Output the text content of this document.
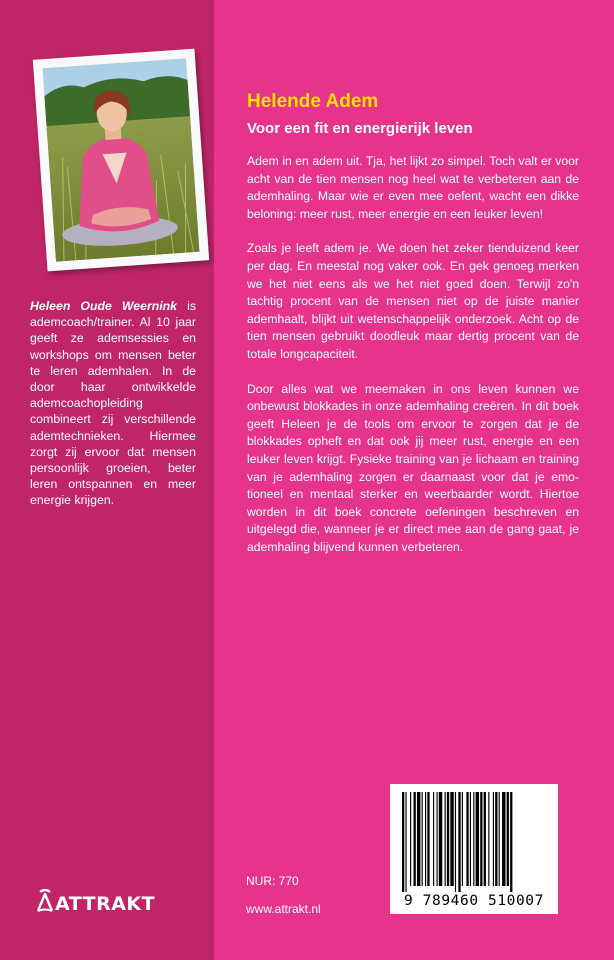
Heleen Oude Weernink is ademcoach/trainer. Al 10 jaar geeft ze ademsessies en workshops om mensen beter te leren ademhalen. In de door haar ontwikkelde ademcoachopleiding combineert zij verschillende ademtechnieken. Hiermee zorgt zij ervoor dat mensen persoonlijk groeien, beter leren ontspannen en meer energie krijgen.
ATTRAKT
Helende Adem
Voor een fit en energierijk leven

Adem in en adem uit. Tja, het lijkt zo simpel. Toch valt er voor acht van de tien mensen nog heel wat te verbeteren aan de ademhaling. Maar wie er even mee oefent, wacht een dikke beloning: meer rust, meer energie en een leuker leven!

Zoals je leeft adem je. We doen het zeker tienduizend keer per dag. En meestal nog vaker ook. En gek genoeg merken we het niet eens als we het niet goed doen. Terwijl zo'n tachtig procent van de mensen niet op de juiste manier ademhaalt, blijkt uit wetenschappelijk onderzoek. Acht op de tien mensen gebruikt doodleuk maar dertig procent van de totale longcapaciteit.

Door alles wat we meemaken in ons leven kunnen we onbewust blokkades in onze ademhaling creëren. In dit boek geeft Heleen je de tools om ervoor te zorgen dat je de blokkades opheft en dat ook jij meer rust, energie en een leuker leven krijgt. Fysieke training van je lichaam en training van je ademhaling zorgen er daarnaast voor dat je emotioneel en mentaal sterker en weerbaarder wordt. Hiertoe worden in dit boek concrete oefeningen beschreven en uitgelegd die, wanneer je er direct mee aan de gang gaat, je ademhaling blijvend kunnen verbeteren.

NUR: 770
www.attrakt.nl	9 789460 510007
